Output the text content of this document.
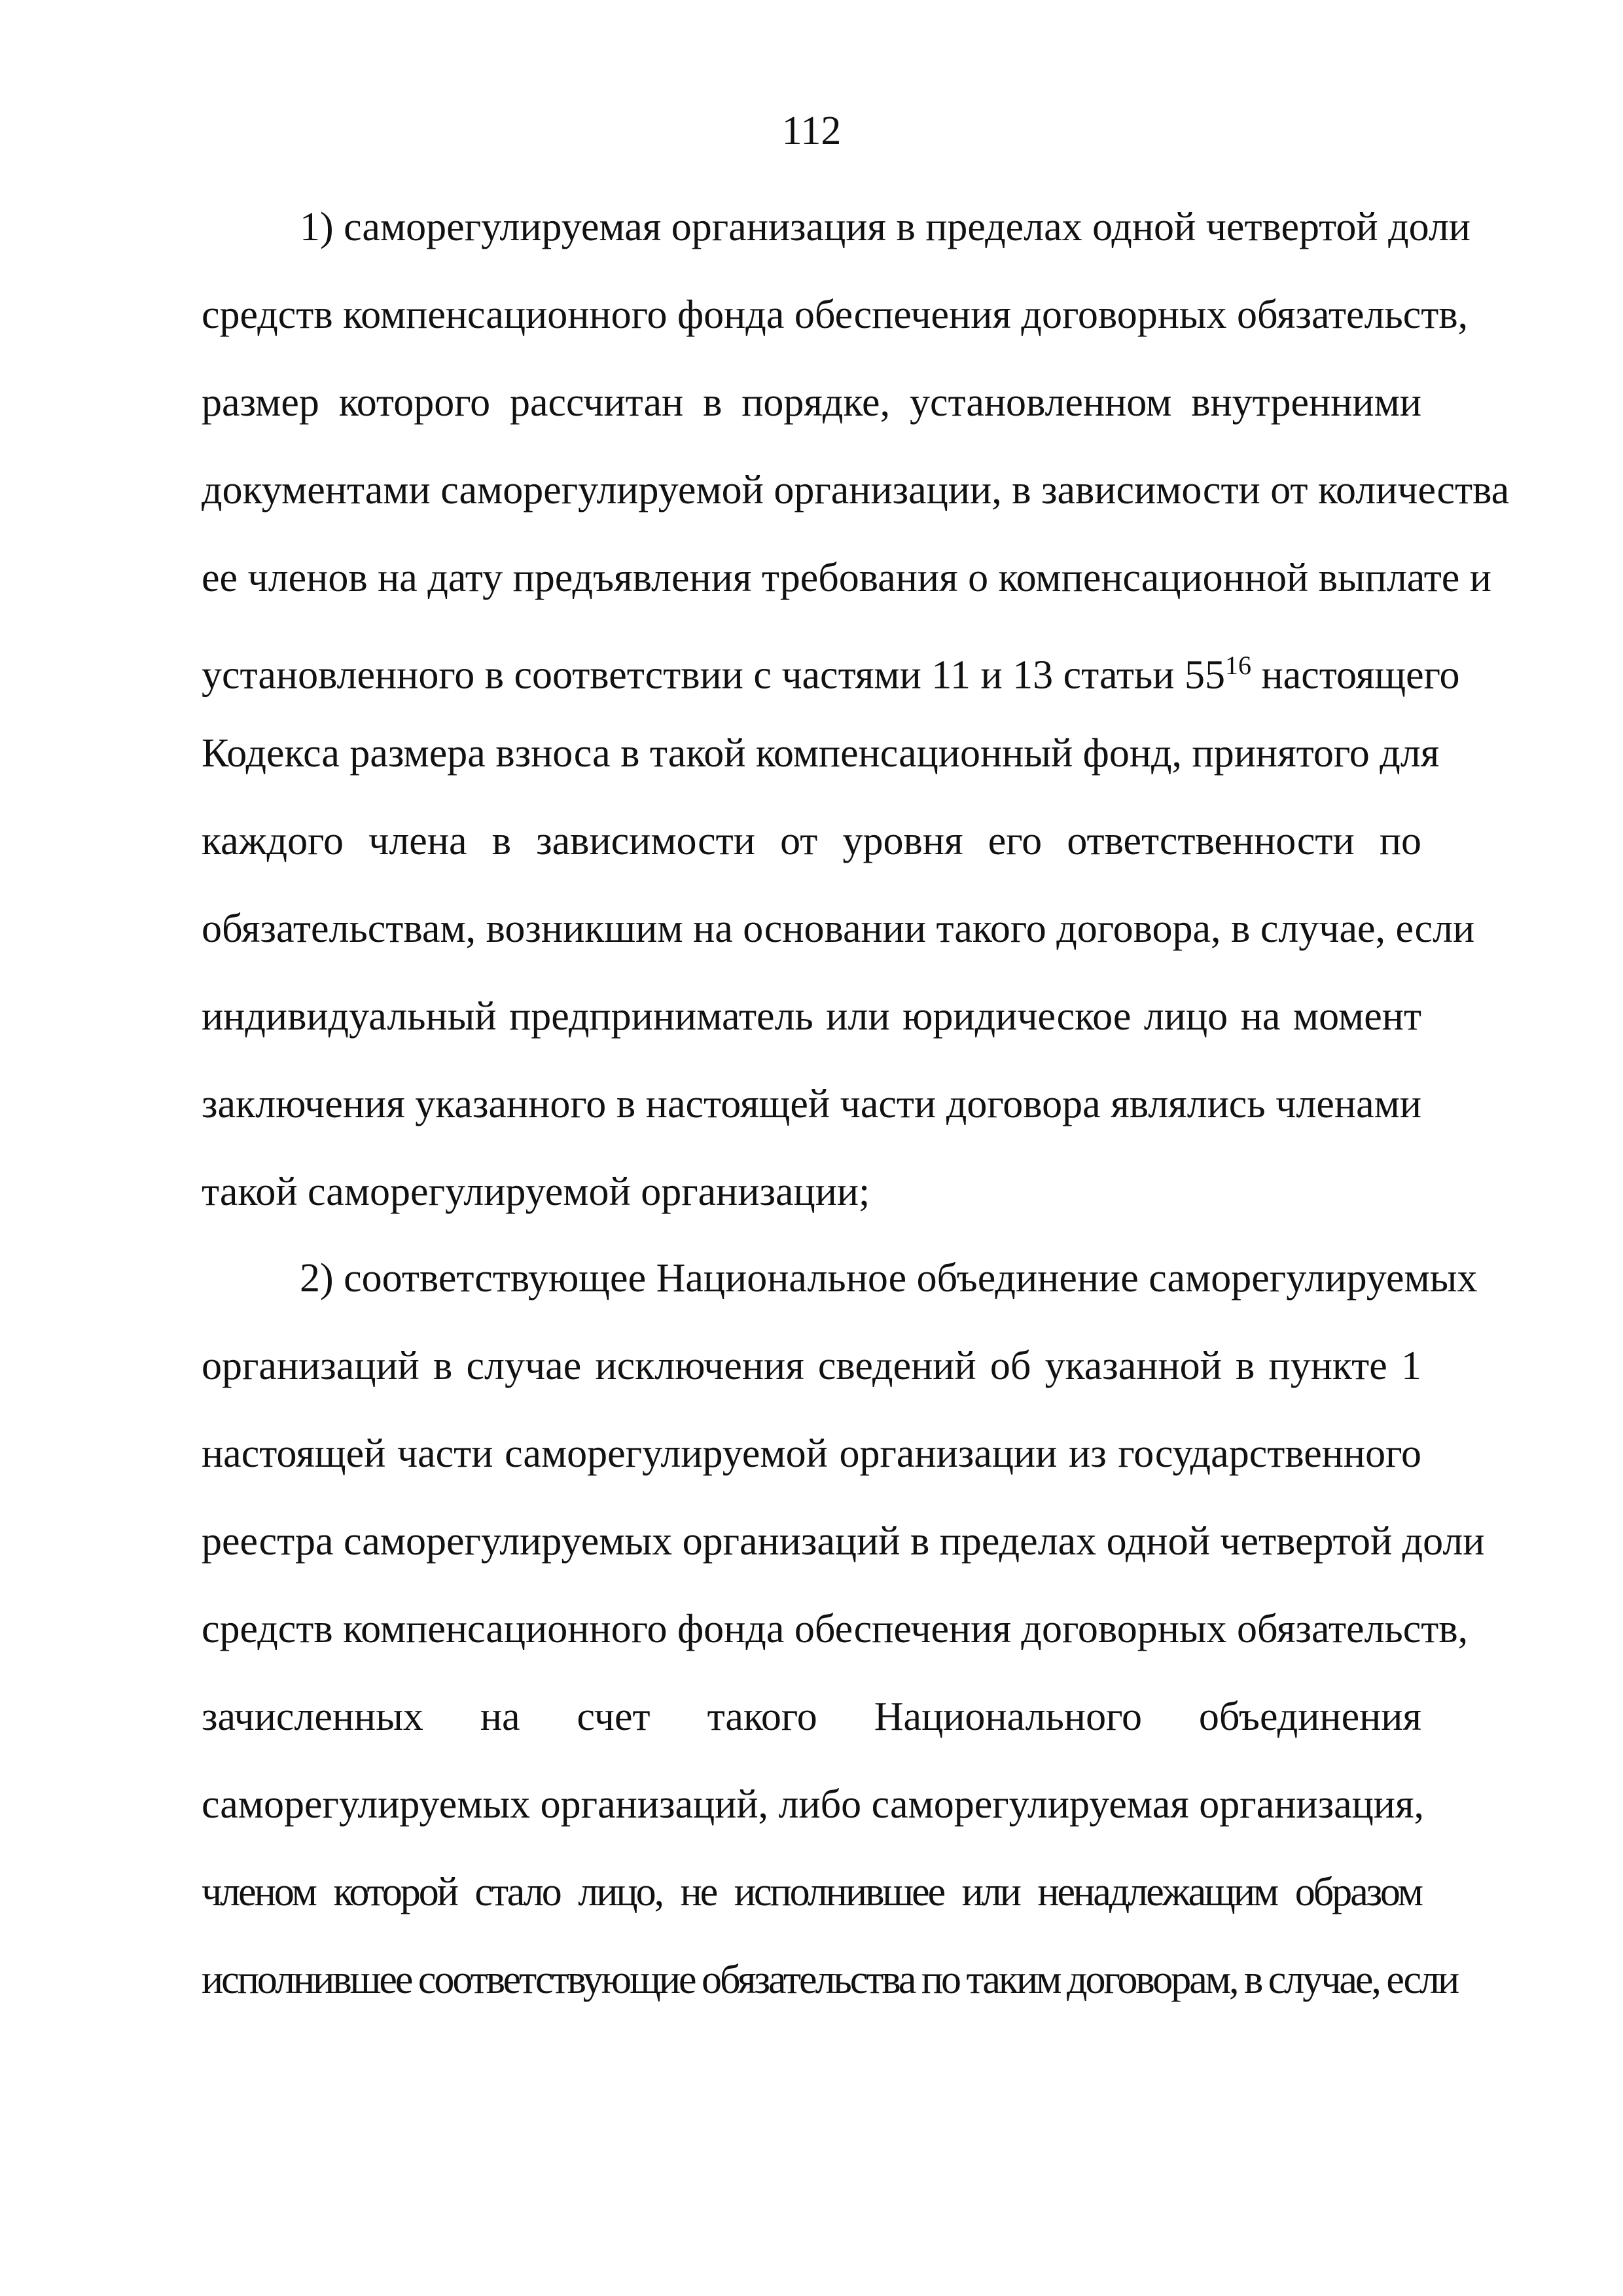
112
1) саморегулируемая организация в пределах одной четвертой доли
средств компенсационного фонда обеспечения договорных обязательств,
размер которого рассчитан в порядке, установленном внутренними
документами саморегулируемой организации, в зависимости от количества
ее членов на дату предъявления требования о компенсационной выплате и
установленного в соответствии с частями 11 и 13 статьи $55^{16}$ настоящего
Кодекса размера взноса в такой компенсационный фонд, принятого для
каждого члена в зависимости от уровня его ответственности по
обязательствам, возникшим на основании такого договора, в случае, если
индивидуальный предприниматель или юридическое лицо на момент
заключения указанного в настоящей части договора являлись членами
такой саморегулируемой организации;
2) соответствующее Национальное объединение саморегулируемых
организаций в случае исключения сведений об указанной в пункте 1
настоящей части саморегулируемой организации из государственного
реестра саморегулируемых организаций в пределах одной четвертой доли
средств компенсационного фонда обеспечения договорных обязательств,
зачисленных на счет такого Национального объединения
саморегулируемых организаций, либо саморегулируемая организация,
членом которой стало лицо, не исполнившее или ненадлежащим образом
исполнившее соответствующие обязательства по таким договорам, в случае, если
